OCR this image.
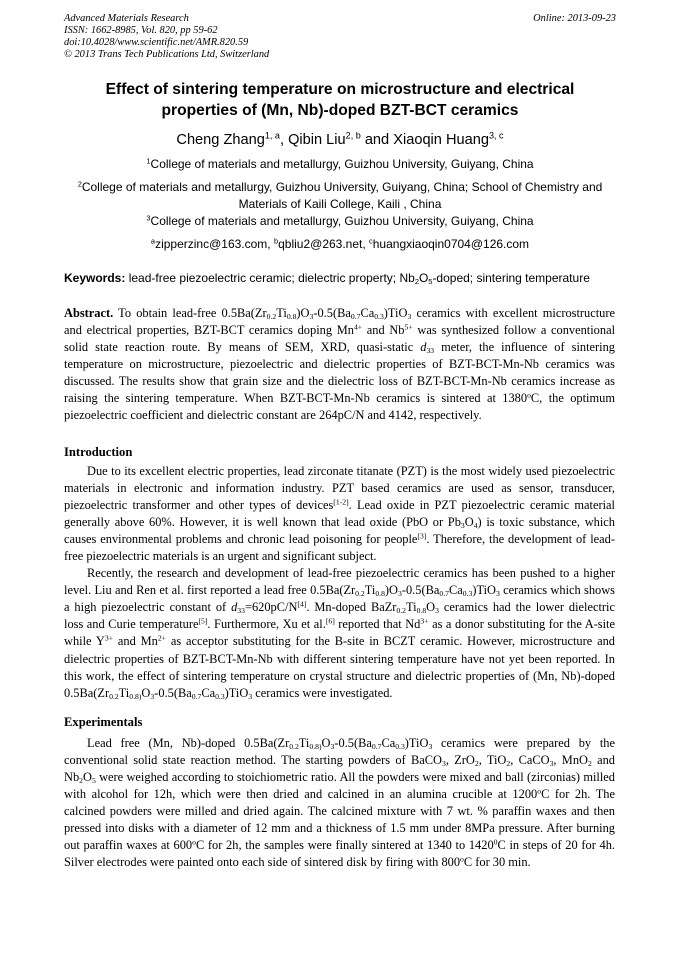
Advanced Materials Research
ISSN: 1662-8985, Vol. 820, pp 59-62
doi:10.4028/www.scientific.net/AMR.820.59
© 2013 Trans Tech Publications Ltd, Switzerland
Online: 2013-09-23
Effect of sintering temperature on microstructure and electrical
properties of (Mn, Nb)-doped BZT-BCT ceramics
Cheng Zhang$^{1, a}$, Qibin Liu$^{2, b}$ and Xiaoqin Huang$^{3, c}$
$^1$College of materials and metallurgy, Guizhou University, Guiyang, China
$^2$College of materials and metallurgy, Guizhou University, Guiyang, China; School of Chemistry and
Materials of Kaili College, Kaili , China
$^3$College of materials and metallurgy, Guizhou University, Guiyang, China
$^a$zipperzinc@163.com, $^b$qbliu2@263.net, $^c$huangxiaoqin0704@126.com
Keywords: lead-free piezoelectric ceramic; dielectric property; $Nb_2O_5$-doped; sintering temperature

Abstract. To obtain lead-free $0.5Ba(Zr_{0.2}Ti_{0.8})O_3-0.5(Ba_{0.7}Ca_{0.3})TiO_3$ ceramics with excellent microstructure and electrical properties, BZT-BCT ceramics doping $Mn^{4+}$ and $Nb^{5+}$ was synthesized follow a conventional solid state reaction route. By means of SEM, XRD, quasi-static $d_{33}$ meter, the influence of sintering temperature on microstructure, piezoelectric and dielectric properties of BZT-BCT-Mn-Nb ceramics was discussed. The results show that grain size and the dielectric loss of BZT-BCT-Mn-Nb ceramics increase as raising the sintering temperature. When BZT-BCT-Mn-Nb ceramics is sintered at 1380$^o$C, the optimum piezoelectric coefficient and dielectric constant are 264pC/N and 4142, respectively.

Introduction

Due to its excellent electric properties, lead zirconate titanate (PZT) is the most widely used piezoelectric materials in electronic and information industry. PZT based ceramics are used as sensor, transducer, piezoelectric transformer and other types of devices[1-2]. Lead oxide in PZT piezoelectric ceramic material generally above 60%. However, it is well known that lead oxide (PbO or $Pb_3O_4$) is toxic substance, which causes environmental problems and chronic lead poisoning for people[3]. Therefore, the development of lead-free piezoelectric materials is an urgent and significant subject.

Recently, the research and development of lead-free piezoelectric ceramics has been pushed to a higher level. Liu and Ren et al. first reported a lead free $0.5Ba(Zr_{0.2}Ti_{0.8})O_3-0.5(Ba_{0.7}Ca_{0.3})TiO_3$ ceramics which shows a high piezoelectric constant of $d_{33}=620pC/N[4]$. Mn-doped $BaZr_{0.2}Ti_{0.8}O_3$ ceramics had the lower dielectric loss and Curie temperature[5]. Furthermore, Xu et al.[6] reported that $Nd^{3+}$ as a donor substituting for the A-site while $Y^{3+}$ and $Mn^{2+}$ as acceptor substituting for the B-site in BCZT ceramic. However, microstructure and dielectric properties of BZT-BCT-Mn-Nb with different sintering temperature have not yet been reported. In this work, the effect of sintering temperature on crystal structure and dielectric properties of (Mn, Nb)-doped $0.5Ba(Zr_{0.2}Ti_{0.8)}O_3-0.5(Ba_{0.7}Ca_{0.3})TiO_3$ ceramics were investigated.

Experimentals

Lead free (Mn, Nb)-doped $0.5Ba(Zr_{0.2}Ti_{0.8)}O_3-0.5(Ba_{0.7}Ca_{0.3})TiO_3$ ceramics were prepared by the conventional solid state reaction method. The starting powders of BaCO$_3$, ZrO$_2$, TiO$_2$, CaCO$_3$, MnO$_2$ and $Nb_2O_5$ were weighed according to stoichiometric ratio. All the powders were mixed and ball (zirconias) milled with alcohol for 12h, which were then dried and calcined in an alumina crucible at 1200$^o$C for 2h. The calcined powders were milled and dried again. The calcined mixture with 7 wt. % paraffin waxes and then pressed into disks with a diameter of 12 mm and a thickness of 1.5 mm under 8MPa pressure. After burning out paraffin waxes at 600$^o$C for 2h, the samples were finally sintered at 1340 to 1420$^0$C in steps of 20 for 4h. Silver electrodes were painted onto each side of sintered disk by firing with 800$^o$C for 30 min.
